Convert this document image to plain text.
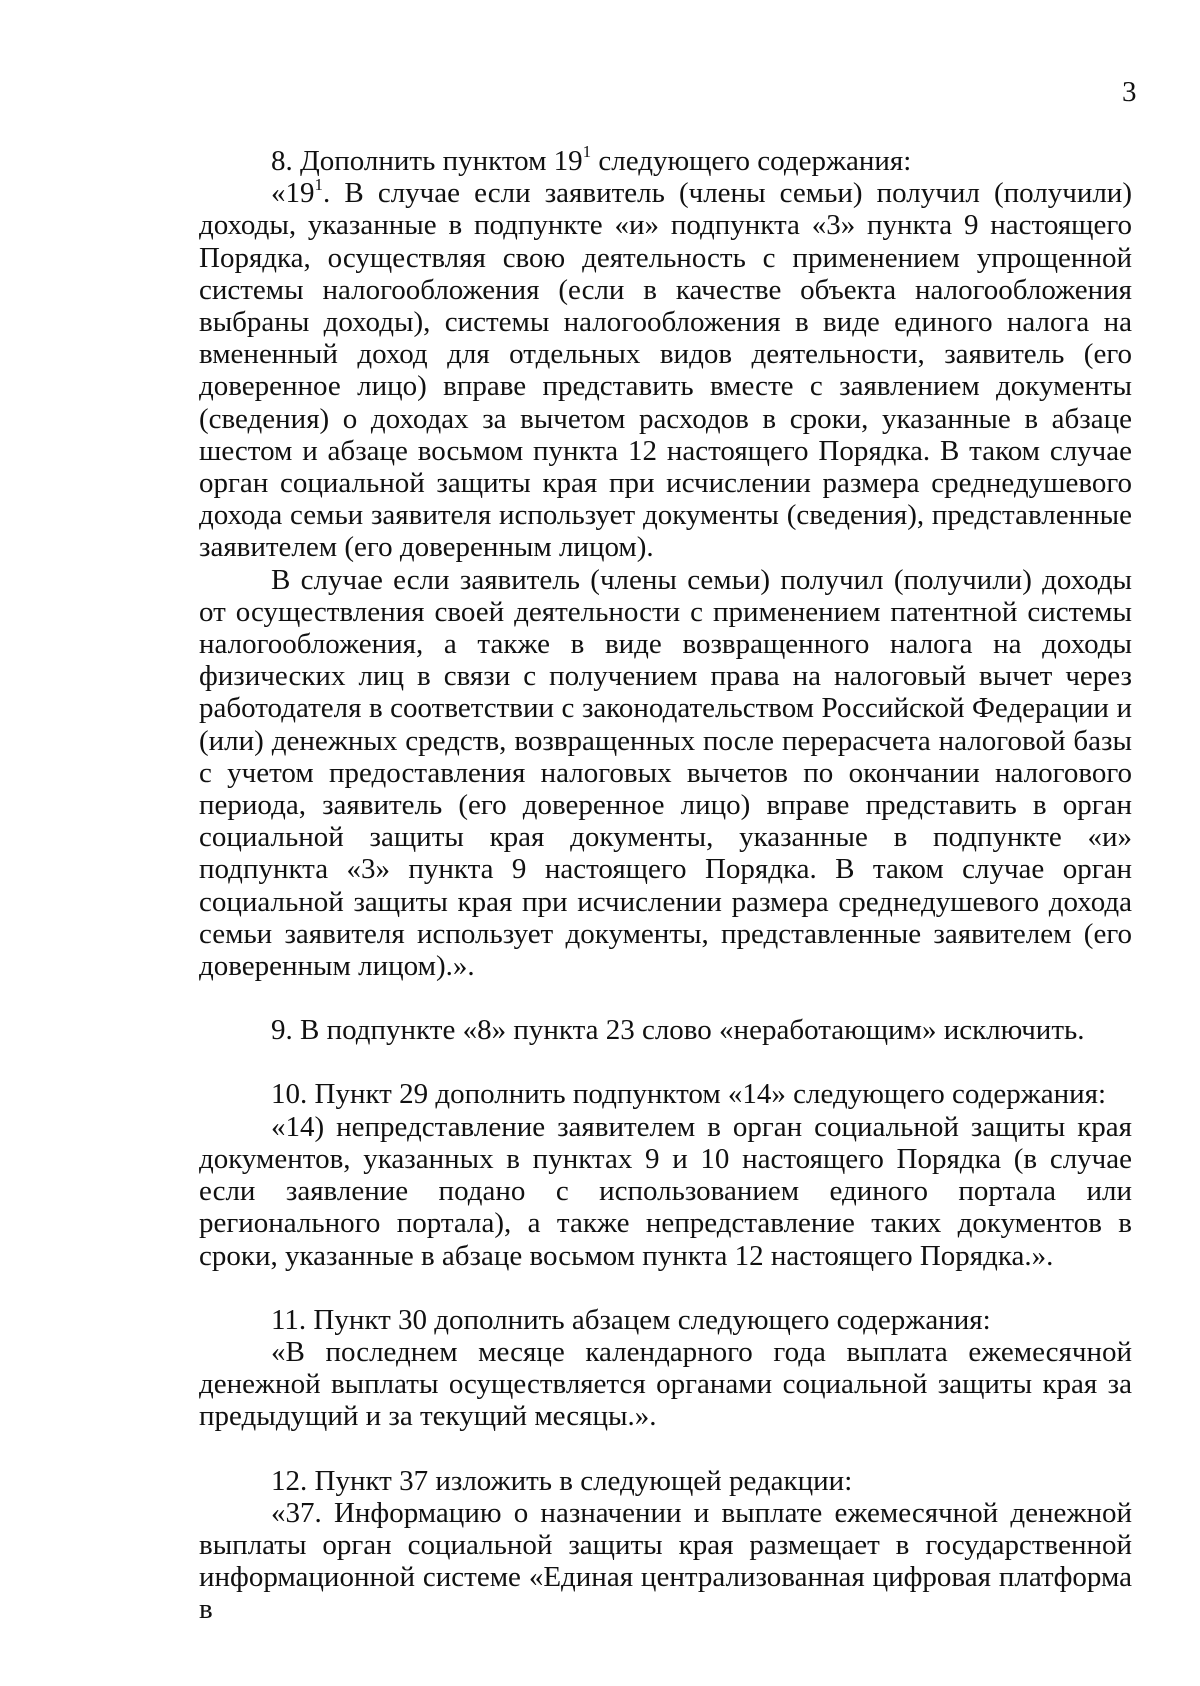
3

8. Дополнить пунктом $19^1$ следующего содержания:

«$19^1$. В случае если заявитель (члены семьи) получил (получили) доходы, указанные в подпункте «и» подпункта «3» пункта 9 настоящего Порядка, осуществляя свою деятельность с применением упрощенной системы налогообложения (если в качестве объекта налогообложения выбраны доходы), системы налогообложения в виде единого налога на вмененный доход для отдельных видов деятельности, заявитель (его доверенное лицо) вправе представить вместе с заявлением документы (сведения) о доходах за вычетом расходов в сроки, указанные в абзаце шестом и абзаце восьмом пункта 12 настоящего Порядка. В таком случае орган социальной защиты края при исчислении размера среднедушевого дохода семьи заявителя использует документы (сведения), представленные заявителем (его доверенным лицом).

В случае если заявитель (члены семьи) получил (получили) доходы от осуществления своей деятельности с применением патентной системы налогообложения, а также в виде возвращенного налога на доходы физических лиц в связи с получением права на налоговый вычет через работодателя в соответствии с законодательством Российской Федерации и (или) денежных средств, возвращенных после перерасчета налоговой базы с учетом предоставления налоговых вычетов по окончании налогового периода, заявитель (его доверенное лицо) вправе представить в орган социальной защиты края документы, указанные в подпункте «и» подпункта «3» пункта 9 настоящего Порядка. В таком случае орган социальной защиты края при исчислении размера среднедушевого дохода семьи заявителя использует документы, представленные заявителем (его доверенным лицом).».

9. В подпункте «8» пункта 23 слово «неработающим» исключить.

10. Пункт 29 дополнить подпунктом «14» следующего содержания:

«14) непредставление заявителем в орган социальной защиты края документов, указанных в пунктах 9 и 10 настоящего Порядка (в случае если заявление подано с использованием единого портала или регионального портала), а также непредставление таких документов в сроки, указанные в абзаце восьмом пункта 12 настоящего Порядка.».

11. Пункт 30 дополнить абзацем следующего содержания:

«В последнем месяце календарного года выплата ежемесячной денежной выплаты осуществляется органами социальной защиты края за предыдущий и за текущий месяцы.».

12. Пункт 37 изложить в следующей редакции:

«37. Информацию о назначении и выплате ежемесячной денежной выплаты орган социальной защиты края размещает в государственной информационной системе «Единая централизованная цифровая платформа в
